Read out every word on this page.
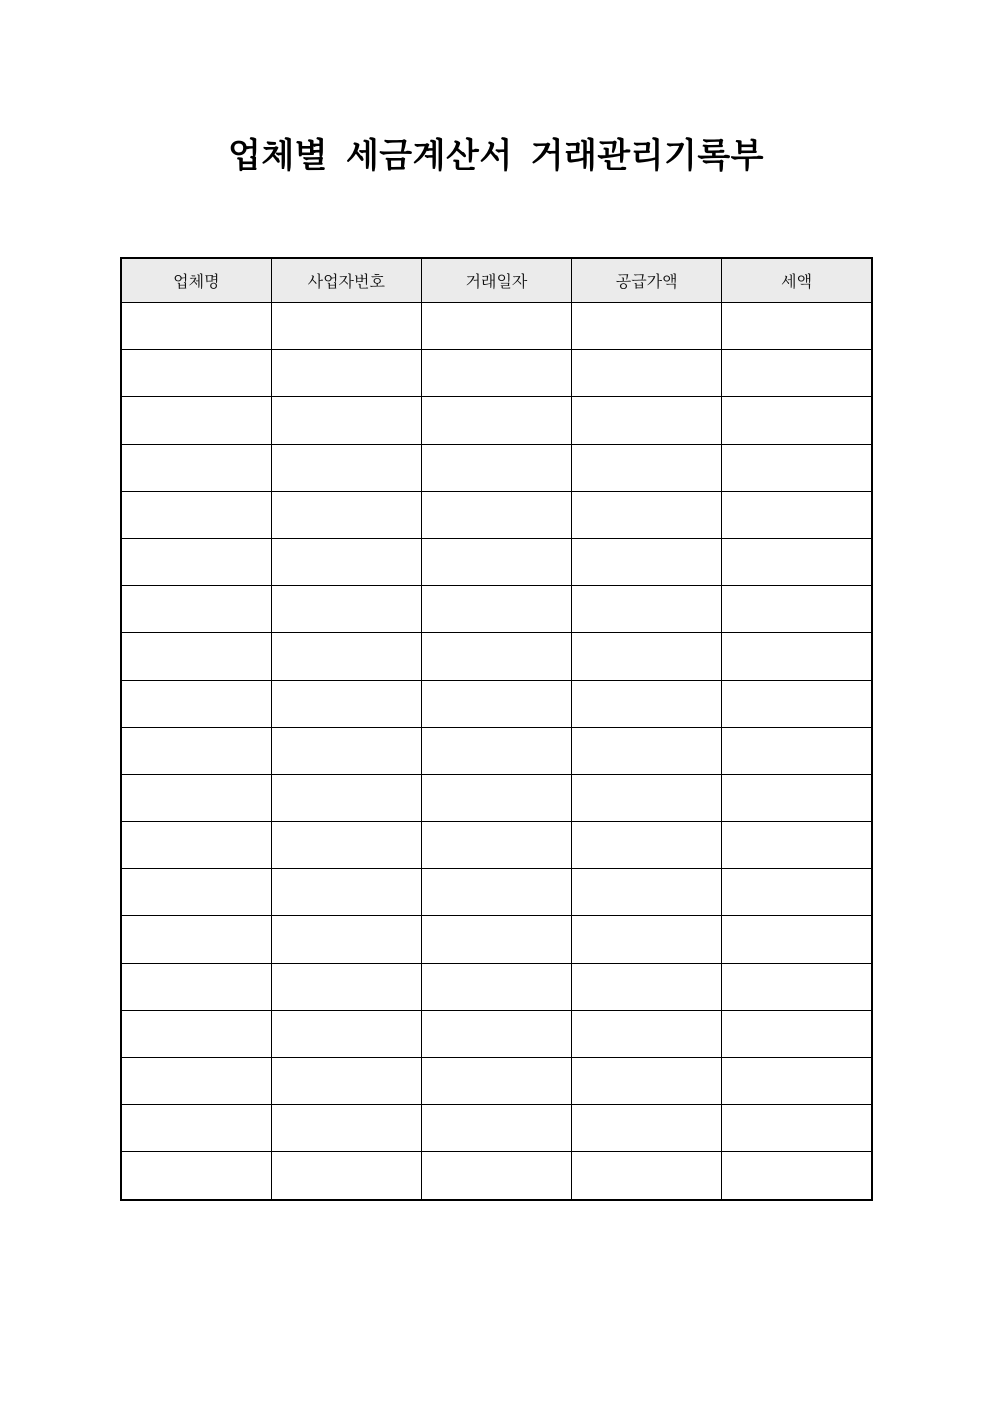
업체별 세금계산서 거래관리기록부
업체명	사업자번호	거래일자	공급가액	세액
